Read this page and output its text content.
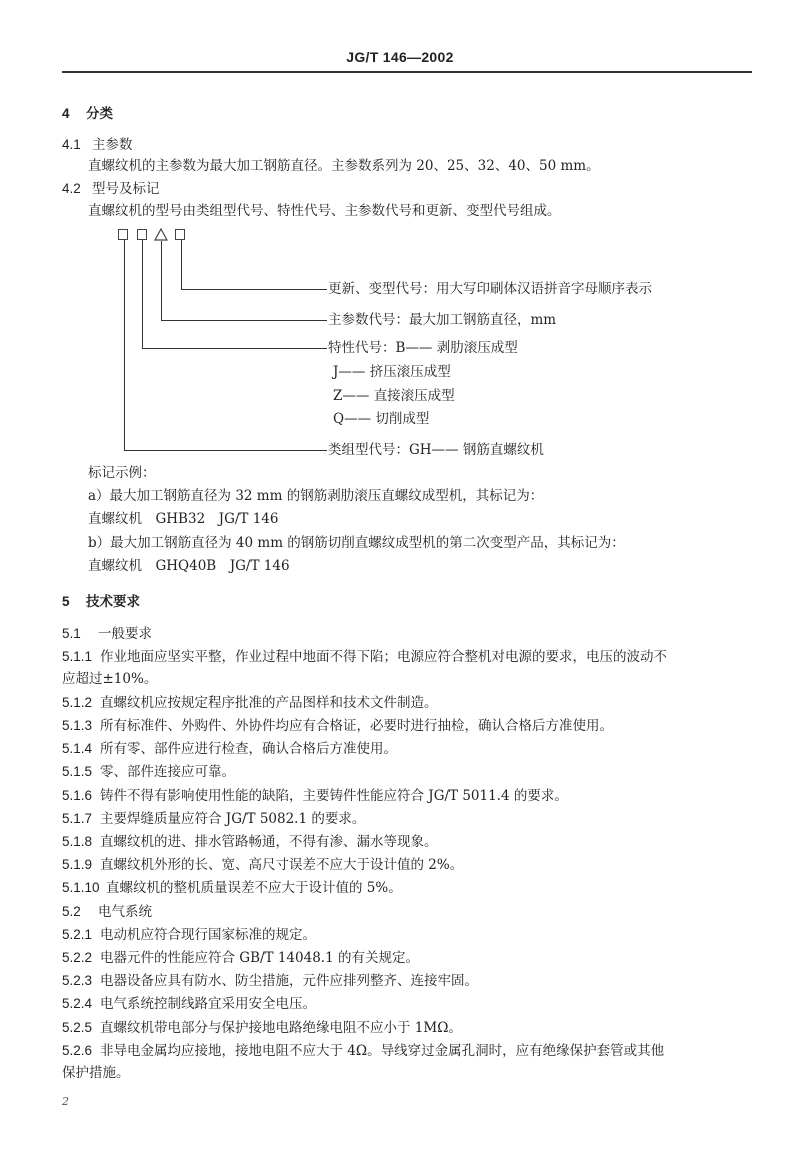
JG/T 146—2002
4 分类
4.1 主参数
直螺纹机的主参数为最大加工钢筋直径。主参数系列为 20、25、32、40、50 mm。
4.2 型号及标记
直螺纹机的型号由类组型代号、特性代号、主参数代号和更新、变型代号组成。
更新、变型代号：用大写印刷体汉语拼音字母顺序表示
主参数代号：最大加工钢筋直径，mm
特性代号：B—— 剥肋滚压成型
J—— 挤压滚压成型
Z—— 直接滚压成型
Q—— 切削成型
类组型代号：GH—— 钢筋直螺纹机
标记示例：
a）最大加工钢筋直径为 32 mm 的钢筋剥肋滚压直螺纹成型机，其标记为：
直螺纹机　GHB32　JG/T 146
b）最大加工钢筋直径为 40 mm 的钢筋切削直螺纹成型机的第二次变型产品，其标记为：
直螺纹机　GHQ40B　JG/T 146
5 技术要求
5.1 一般要求
5.1.1 作业地面应坚实平整，作业过程中地面不得下陷；电源应符合整机对电源的要求，电压的波动不
应超过±10%。
5.1.2 直螺纹机应按规定程序批准的产品图样和技术文件制造。
5.1.3 所有标准件、外购件、外协件均应有合格证，必要时进行抽检，确认合格后方准使用。
5.1.4 所有零、部件应进行检查，确认合格后方准使用。
5.1.5 零、部件连接应可靠。
5.1.6 铸件不得有影响使用性能的缺陷，主要铸件性能应符合 JG/T 5011.4 的要求。
5.1.7 主要焊缝质量应符合 JG/T 5082.1 的要求。
5.1.8 直螺纹机的进、排水管路畅通，不得有渗、漏水等现象。
5.1.9 直螺纹机外形的长、宽、高尺寸误差不应大于设计值的 2%。
5.1.10 直螺纹机的整机质量误差不应大于设计值的 5%。
5.2 电气系统
5.2.1 电动机应符合现行国家标准的规定。
5.2.2 电器元件的性能应符合 GB/T 14048.1 的有关规定。
5.2.3 电器设备应具有防水、防尘措施，元件应排列整齐、连接牢固。
5.2.4 电气系统控制线路宜采用安全电压。
5.2.5 直螺纹机带电部分与保护接地电路绝缘电阻不应小于 1MΩ。
5.2.6 非导电金属均应接地，接地电阻不应大于 4Ω。导线穿过金属孔洞时，应有绝缘保护套管或其他
保护措施。
2
